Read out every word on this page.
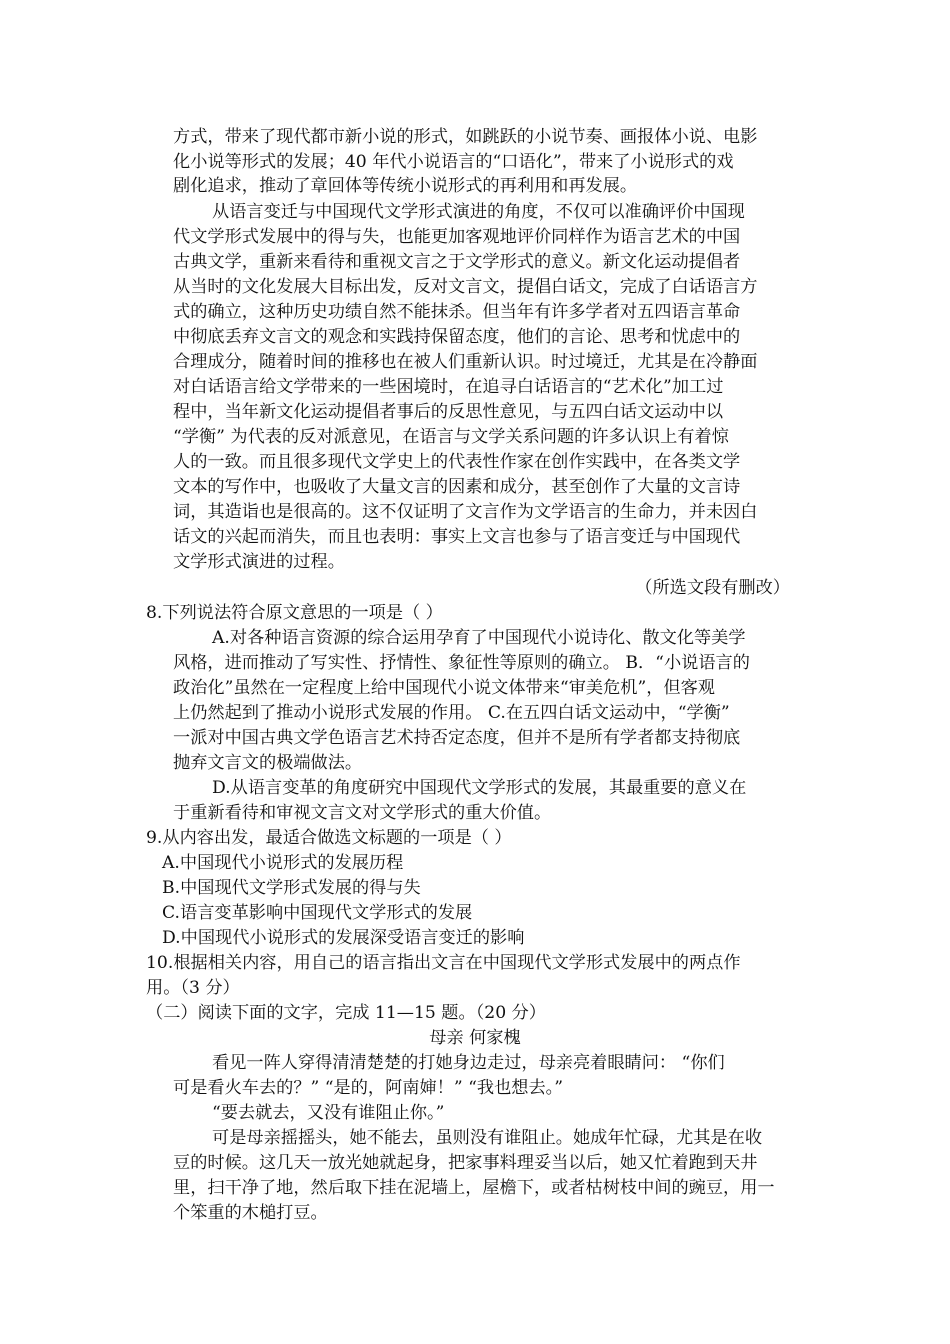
方式，带来了现代都市新小说的形式，如跳跃的小说节奏、画报体小说、电影
化小说等形式的发展；40 年代小说语言的“口语化”，带来了小说形式的戏
剧化追求，推动了章回体等传统小说形式的再利用和再发展。
从语言变迁与中国现代文学形式演进的角度，不仅可以准确评价中国现
代文学形式发展中的得与失，也能更加客观地评价同样作为语言艺术的中国
古典文学，重新来看待和重视文言之于文学形式的意义。新文化运动提倡者
从当时的文化发展大目标出发，反对文言文，提倡白话文，完成了白话语言方
式的确立，这种历史功绩自然不能抹杀。但当年有许多学者对五四语言革命
中彻底丢弃文言文的观念和实践持保留态度，他们的言论、思考和忧虑中的
合理成分，随着时间的推移也在被人们重新认识。时过境迁，尤其是在冷静面
对白话语言给文学带来的一些困境时，在追寻白话语言的“艺术化”加工过
程中，当年新文化运动提倡者事后的反思性意见，与五四白话文运动中以
“学衡” 为代表的反对派意见，在语言与文学关系问题的许多认识上有着惊
人的一致。而且很多现代文学史上的代表性作家在创作实践中，在各类文学
文本的写作中，也吸收了大量文言的因素和成分，甚至创作了大量的文言诗
词，其造诣也是很高的。这不仅证明了文言作为文学语言的生命力，并未因白
话文的兴起而消失，而且也表明：事实上文言也参与了语言变迁与中国现代
文学形式演进的过程。
（所选文段有删改）
8.下列说法符合原文意思的一项是（ ）
A.对各种语言资源的综合运用孕育了中国现代小说诗化、散文化等美学
风格，进而推动了写实性、抒情性、象征性等原则的确立。 B．“小说语言的
政治化”虽然在一定程度上给中国现代小说文体带来“审美危机”，但客观
上仍然起到了推动小说形式发展的作用。 C.在五四白话文运动中，“学衡”
一派对中国古典文学色语言艺术持否定态度，但并不是所有学者都支持彻底
抛弃文言文的极端做法。
D.从语言变革的角度研究中国现代文学形式的发展，其最重要的意义在
于重新看待和审视文言文对文学形式的重大价值。
9.从内容出发，最适合做选文标题的一项是（ ）
A.中国现代小说形式的发展历程
B.中国现代文学形式发展的得与失
C.语言变革影响中国现代文学形式的发展
D.中国现代小说形式的发展深受语言变迁的影响
10.根据相关内容，用自己的语言指出文言在中国现代文学形式发展中的两点作
用。（3 分）
（二）阅读下面的文字，完成 11—15 题。（20 分）
母亲 何家槐
看见一阵人穿得清清楚楚的打她身边走过，母亲亮着眼睛问： “你们
可是看火车去的？” “是的，阿南婶！” “我也想去。”
“要去就去，又没有谁阻止你。”
可是母亲摇摇头，她不能去，虽则没有谁阻止。她成年忙碌，尤其是在收
豆的时候。这几天一放光她就起身，把家事料理妥当以后，她又忙着跑到天井
里，扫干净了地，然后取下挂在泥墙上，屋檐下，或者枯树枝中间的豌豆，用一
个笨重的木槌打豆。
